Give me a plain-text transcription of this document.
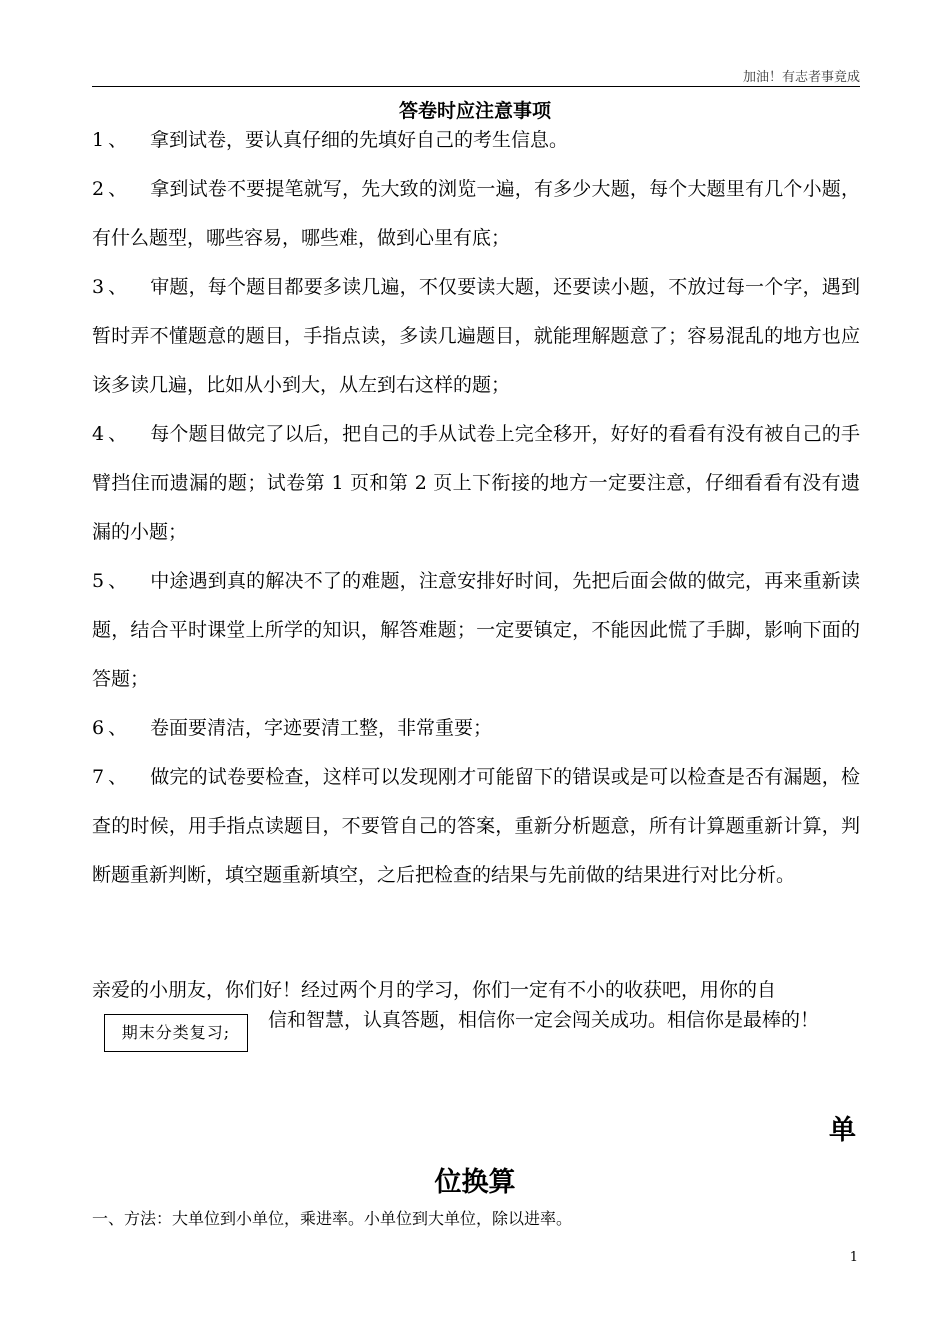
加油！有志者事竟成
答卷时应注意事项

1、 拿到试卷，要认真仔细的先填好自己的考生信息。

2、 拿到试卷不要提笔就写，先大致的浏览一遍，有多少大题，每个大题里有几个小题，有什么题型，哪些容易，哪些难，做到心里有底；

3、 审题，每个题目都要多读几遍，不仅要读大题，还要读小题，不放过每一个字，遇到暂时弄不懂题意的题目，手指点读，多读几遍题目，就能理解题意了；容易混乱的地方也应该多读几遍，比如从小到大，从左到右这样的题；

4、 每个题目做完了以后，把自己的手从试卷上完全移开，好好的看看有没有被自己的手臂挡住而遗漏的题；试卷第 1 页和第 2 页上下衔接的地方一定要注意，仔细看看有没有遗漏的小题；

5、 中途遇到真的解决不了的难题，注意安排好时间，先把后面会做的做完，再来重新读题，结合平时课堂上所学的知识，解答难题；一定要镇定，不能因此慌了手脚，影响下面的答题；

6、 卷面要清洁，字迹要清工整，非常重要；

7、 做完的试卷要检查，这样可以发现刚才可能留下的错误或是可以检查是否有漏题，检查的时候，用手指点读题目，不要管自己的答案，重新分析题意，所有计算题重新计算，判断题重新判断，填空题重新填空，之后把检查的结果与先前做的结果进行对比分析。

亲爱的小朋友，你们好！经过两个月的学习，你们一定有不小的收获吧，用你的自
信和智慧，认真答题，相信你一定会闯关成功。相信你是最棒的！
期末分类复习;
单
位换算
一、方法：大单位到小单位，乘进率。小单位到大单位，除以进率。
1
